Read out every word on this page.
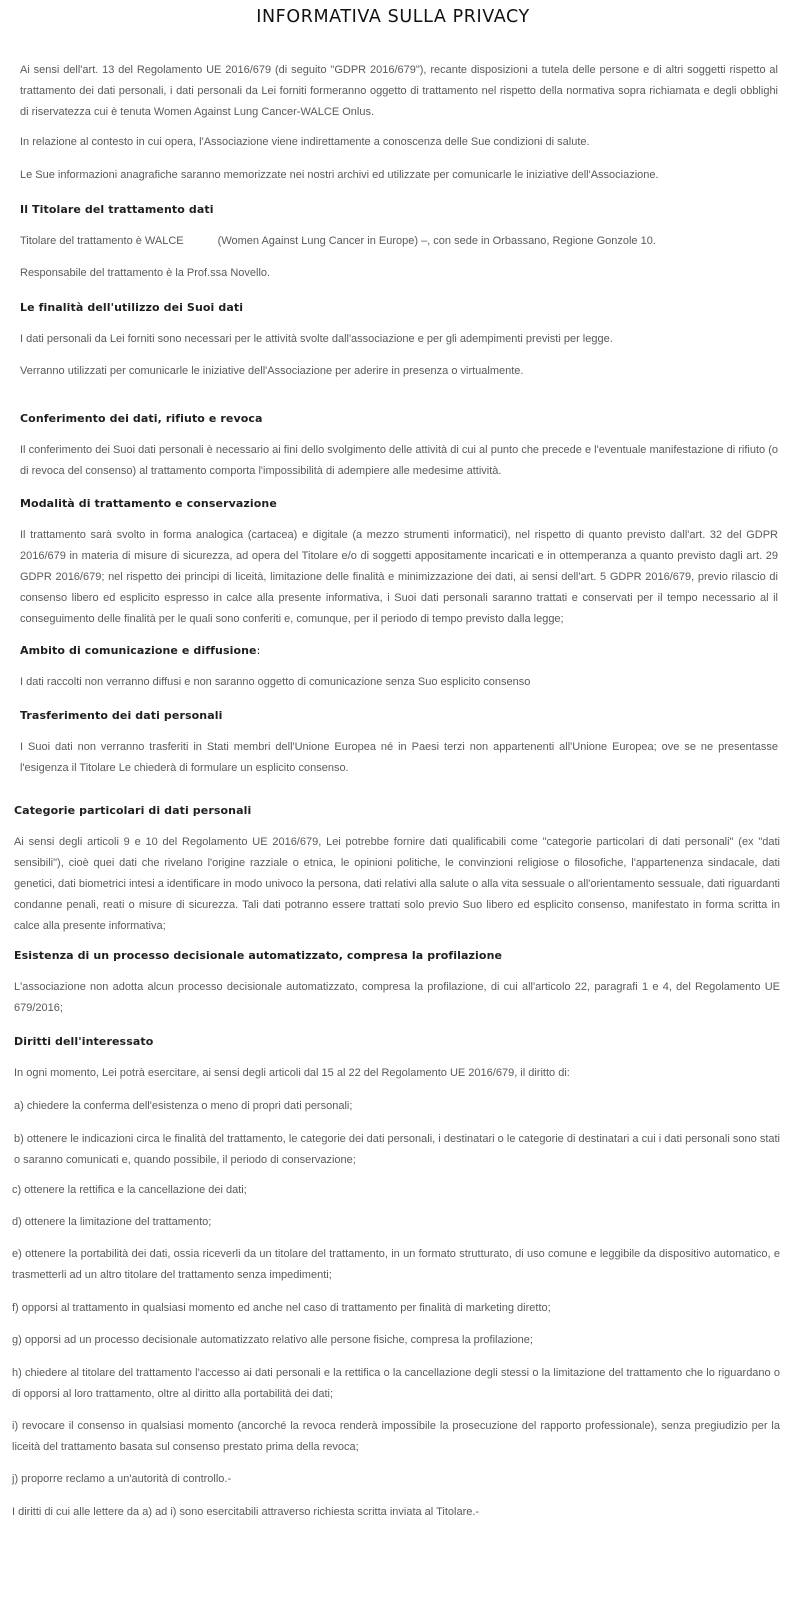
INFORMATIVA SULLA PRIVACY

Ai sensi dell'art. 13 del Regolamento UE 2016/679 (di seguito "GDPR 2016/679"), recante disposizioni a tutela delle persone e di altri soggetti rispetto al trattamento dei dati personali, i dati personali da Lei forniti formeranno oggetto di trattamento nel rispetto della normativa sopra richiamata e degli obblighi di riservatezza cui è tenuta Women Against Lung Cancer-WALCE Onlus.

In relazione al contesto in cui opera, l'Associazione viene indirettamente a conoscenza delle Sue condizioni di salute.

Le Sue informazioni anagrafiche saranno memorizzate nei nostri archivi ed utilizzate per comunicarle le iniziative dell'Associazione.

Il Titolare del trattamento dati

Titolare del trattamento è WALCE	(Women Against Lung Cancer in Europe) –, con sede in Orbassano, Regione Gonzole 10.

Responsabile del trattamento è la Prof.ssa Novello.

Le finalità dell'utilizzo dei Suoi dati

I dati personali da Lei forniti sono necessari per le attività svolte dall'associazione e per gli adempimenti previsti per legge.

Verranno utilizzati per comunicarle le iniziative dell'Associazione per aderire in presenza o virtualmente.

Conferimento dei dati, rifiuto e revoca

Il conferimento dei Suoi dati personali è necessario ai fini dello svolgimento delle attività di cui al punto che precede e l'eventuale manifestazione di rifiuto (o di revoca del consenso) al trattamento comporta l'impossibilità di adempiere alle medesime attività.

Modalità di trattamento e conservazione

Il trattamento sarà svolto in forma analogica (cartacea) e digitale (a mezzo strumenti informatici), nel rispetto di quanto previsto dall'art. 32 del GDPR 2016/679 in materia di misure di sicurezza, ad opera del Titolare e/o di soggetti appositamente incaricati e in ottemperanza a quanto previsto dagli art. 29 GDPR 2016/679; nel rispetto dei principi di liceità, limitazione delle finalità e minimizzazione dei dati, ai sensi dell'art. 5 GDPR 2016/679, previo rilascio di consenso libero ed esplicito espresso in calce alla presente informativa, i Suoi dati personali saranno trattati e conservati per il tempo necessario al il conseguimento delle finalità per le quali sono conferiti e, comunque, per il periodo di tempo previsto dalla legge;

Ambito di comunicazione e diffusione:

I dati raccolti non verranno diffusi e non saranno oggetto di comunicazione senza Suo esplicito consenso

Trasferimento dei dati personali

I Suoi dati non verranno trasferiti in Stati membri dell'Unione Europea né in Paesi terzi non appartenenti all'Unione Europea; ove se ne presentasse l'esigenza il Titolare Le chiederà di formulare un esplicito consenso.

Categorie particolari di dati personali

Ai sensi degli articoli 9 e 10 del Regolamento UE 2016/679, Lei potrebbe fornire dati qualificabili come "categorie particolari di dati personali" (ex "dati sensibili"), cioè quei dati che rivelano l'origine razziale o etnica, le opinioni politiche, le convinzioni religiose o filosofiche, l'appartenenza sindacale, dati genetici, dati biometrici intesi a identificare in modo univoco la persona, dati relativi alla salute o alla vita sessuale o all'orientamento sessuale, dati riguardanti condanne penali, reati o misure di sicurezza. Tali dati potranno essere trattati solo previo Suo libero ed esplicito consenso, manifestato in forma scritta in calce alla presente informativa;

Esistenza di un processo decisionale automatizzato, compresa la profilazione

L'associazione non adotta alcun processo decisionale automatizzato, compresa la profilazione, di cui all'articolo 22, paragrafi 1 e 4, del Regolamento UE 679/2016;

Diritti dell'interessato

In ogni momento, Lei potrà esercitare, ai sensi degli articoli dal 15 al 22 del Regolamento UE 2016/679, il diritto di:

a) chiedere la conferma dell'esistenza o meno di propri dati personali;

b) ottenere le indicazioni circa le finalità del trattamento, le categorie dei dati personali, i destinatari o le categorie di destinatari a cui i dati personali sono stati o saranno comunicati e, quando possibile, il periodo di conservazione;

c) ottenere la rettifica e la cancellazione dei dati;

d) ottenere la limitazione del trattamento;

e) ottenere la portabilità dei dati, ossia riceverli da un titolare del trattamento, in un formato strutturato, di uso comune e leggibile da dispositivo automatico, e trasmetterli ad un altro titolare del trattamento senza impedimenti;

f) opporsi al trattamento in qualsiasi momento ed anche nel caso di trattamento per finalità di marketing diretto;

g) opporsi ad un processo decisionale automatizzato relativo alle persone fisiche, compresa la profilazione;

h) chiedere al titolare del trattamento l'accesso ai dati personali e la rettifica o la cancellazione degli stessi o la limitazione del trattamento che lo riguardano o di opporsi al loro trattamento, oltre al diritto alla portabilità dei dati;

i) revocare il consenso in qualsiasi momento (ancorché la revoca renderà impossibile la prosecuzione del rapporto professionale), senza pregiudizio per la liceità del trattamento basata sul consenso prestato prima della revoca;

j) proporre reclamo a un'autorità di controllo.-

I diritti di cui alle lettere da a) ad i) sono esercitabili attraverso richiesta scritta inviata al Titolare.-
